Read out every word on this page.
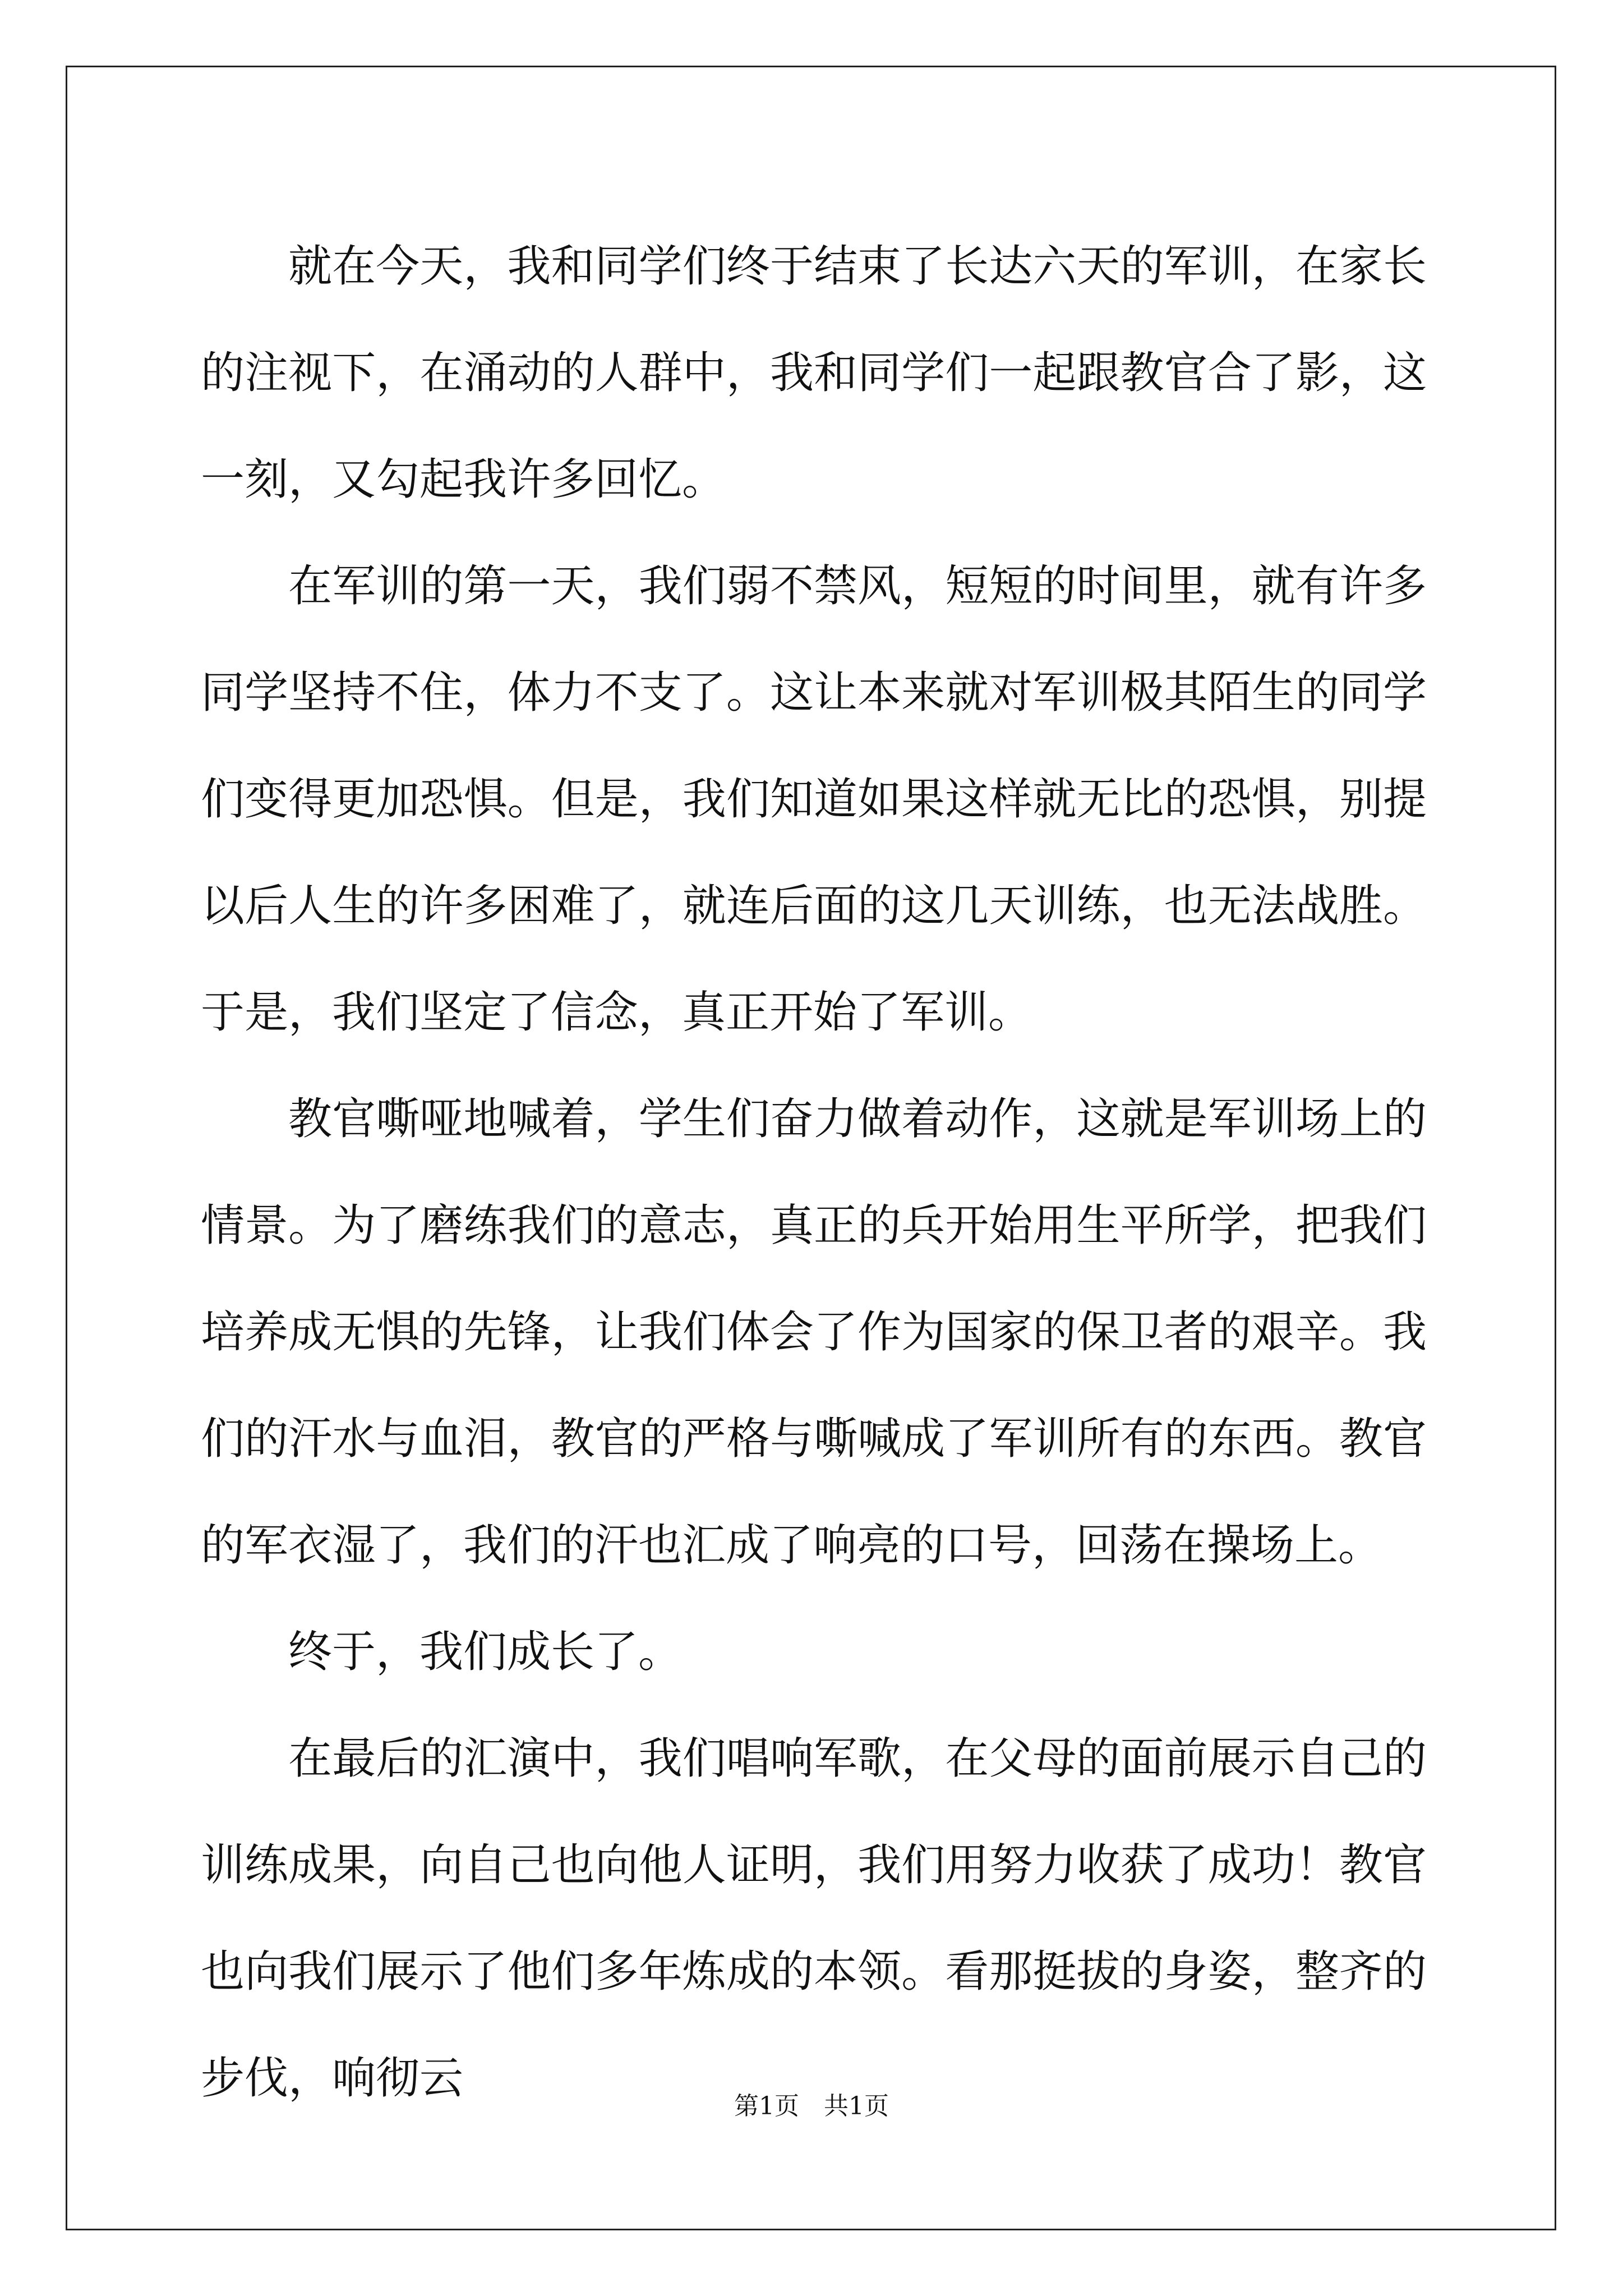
就在今天，我和同学们终于结束了长达六天的军训，在家长的注视下，在涌动的人群中，我和同学们一起跟教官合了影，这一刻，又勾起我许多回忆。

在军训的第一天，我们弱不禁风，短短的时间里，就有许多同学坚持不住，体力不支了。这让本来就对军训极其陌生的同学们变得更加恐惧。但是，我们知道如果这样就无比的恐惧，别提以后人生的许多困难了，就连后面的这几天训练，也无法战胜。于是，我们坚定了信念，真正开始了军训。

教官嘶哑地喊着，学生们奋力做着动作，这就是军训场上的情景。为了磨练我们的意志，真正的兵开始用生平所学，把我们培养成无惧的先锋，让我们体会了作为国家的保卫者的艰辛。我们的汗水与血泪，教官的严格与嘶喊成了军训所有的东西。教官的军衣湿了，我们的汗也汇成了响亮的口号，回荡在操场上。

终于，我们成长了。

在最后的汇演中，我们唱响军歌，在父母的面前展示自己的训练成果，向自己也向他人证明，我们用努力收获了成功！教官也向我们展示了他们多年炼成的本领。看那挺拔的身姿，整齐的步伐，响彻云

第1页　共1页
